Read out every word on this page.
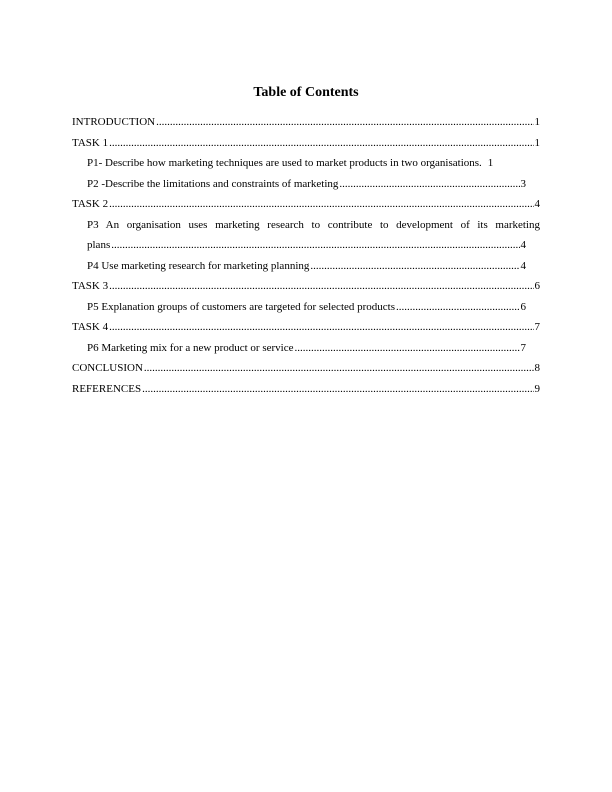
Table of Contents
INTRODUCTION .....	1
TASK 1 .....	1
P1- Describe how marketing techniques are used to market products in two organisations. 1
P2 -Describe the limitations and constraints of marketing .....	3
TASK 2 .....	4
P3 An organisation uses marketing research to contribute to development of its marketing
plans .....	4
P4 Use marketing research for marketing planning .....	4
TASK 3 .....	6
P5 Explanation groups of customers are targeted for selected products .....	6
TASK 4 .....	7
P6 Marketing mix for a new product or service .....	7
CONCLUSION .....	8
REFERENCES .....	9
